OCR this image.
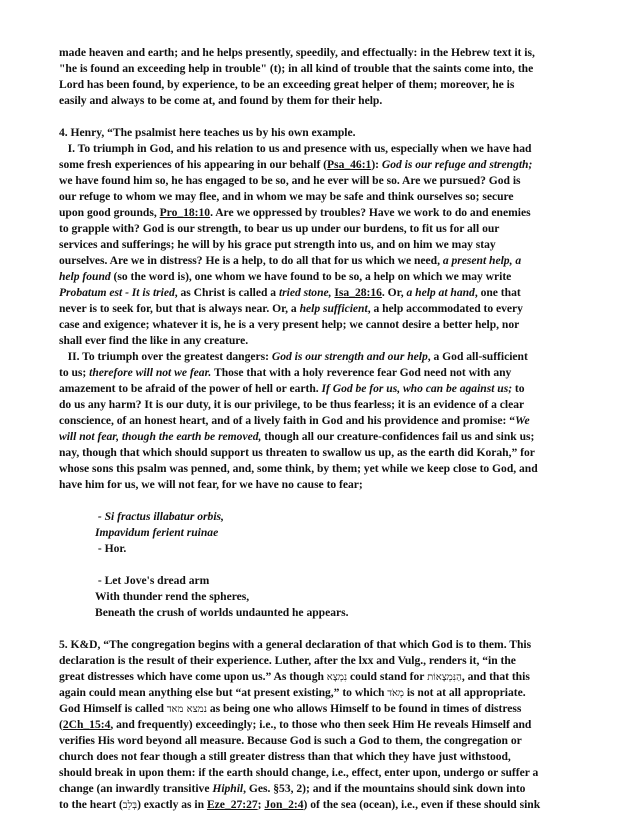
made heaven and earth; and he helps presently, speedily, and effectually: in the Hebrew text it is,
"he is found an exceeding help in trouble" (t); in all kind of trouble that the saints come into, the
Lord has been found, by experience, to be an exceeding great helper of them; moreover, he is
easily and always to be come at, and found by them for their help.
4. Henry, “The psalmist here teaches us by his own example.
I. To triumph in God, and his relation to us and presence with us, especially when we have had
some fresh experiences of his appearing in our behalf (Psa_46:1): God is our refuge and strength;
we have found him so, he has engaged to be so, and he ever will be so. Are we pursued? God is
our refuge to whom we may flee, and in whom we may be safe and think ourselves so; secure
upon good grounds, Pro_18:10. Are we oppressed by troubles? Have we work to do and enemies
to grapple with? God is our strength, to bear us up under our burdens, to fit us for all our
services and sufferings; he will by his grace put strength into us, and on him we may stay
ourselves. Are we in distress? He is a help, to do all that for us which we need, a present help, a
help found (so the word is), one whom we have found to be so, a help on which we may write
Probatum est - It is tried, as Christ is called a tried stone, Isa_28:16. Or, a help at hand, one that
never is to seek for, but that is always near. Or, a help sufficient, a help accommodated to every
case and exigence; whatever it is, he is a very present help; we cannot desire a better help, nor
shall ever find the like in any creature.
II. To triumph over the greatest dangers: God is our strength and our help, a God all-sufficient
to us; therefore will not we fear. Those that with a holy reverence fear God need not with any
amazement to be afraid of the power of hell or earth. If God be for us, who can be against us; to
do us any harm? It is our duty, it is our privilege, to be thus fearless; it is an evidence of a clear
conscience, of an honest heart, and of a lively faith in God and his providence and promise: “We
will not fear, though the earth be removed, though all our creature-confidences fail us and sink us;
nay, though that which should support us threaten to swallow us up, as the earth did Korah,” for
whose sons this psalm was penned, and, some think, by them; yet while we keep close to God, and
have him for us, we will not fear, for we have no cause to fear;
- Si fractus illabatur orbis,
Impavidum ferient ruinae
- Hor.
- Let Jove's dread arm
With thunder rend the spheres,
Beneath the crush of worlds undaunted he appears.
5. K&D, “The congregation begins with a general declaration of that which God is to them. This
declaration is the result of their experience. Luther, after the lxx and Vulg., renders it, “in the
great distresses which have come upon us.” As though נִמְצָא could stand for הַנִּמְצָאוֹת, and that this
again could mean anything else but “at present existing,” to which מְאֹד is not at all appropriate.
God Himself is called נמצא מאד as being one who allows Himself to be found in times of distress
(2Ch_15:4, and frequently) exceedingly; i.e., to those who then seek Him He reveals Himself and
verifies His word beyond all measure. Because God is such a God to them, the congregation or
church does not fear though a still greater distress than that which they have just withstood,
should break in upon them: if the earth should change, i.e., effect, enter upon, undergo or suffer a
change (an inwardly transitive Hiphil, Ges. §53, 2); and if the mountains should sink down into
to the heart (בְּלֵב) exactly as in Eze_27:27; Jon_2:4) of the sea (ocean), i.e., even if these should sink
